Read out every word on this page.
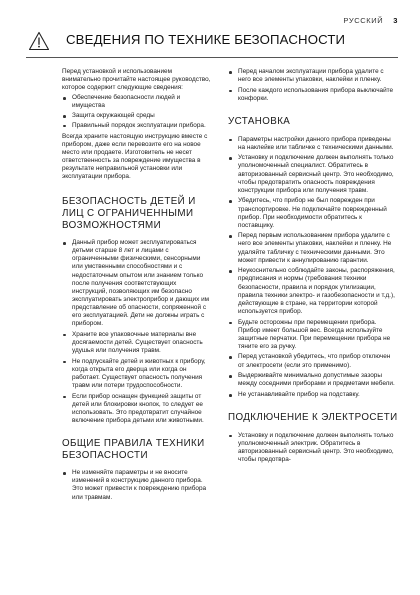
РУССКИЙ 3
СВЕДЕНИЯ ПО ТЕХНИКЕ БЕЗОПАСНОСТИ

Перед установкой и использованием внимательно прочитайте настоящее руководство, которое содержит следующие сведения:

Обеспечение безопасности людей и имущества
Защита окружающей среды
Правильный порядок эксплуатации прибора.

Всегда храните настоящую инструкцию вместе с прибором, даже если перевозите его на новое место или продаете. Изготовитель не несет ответственность за повреждение имущества в результате неправильной установки или эксплуатации прибора.

БЕЗОПАСНОСТЬ ДЕТЕЙ И ЛИЦ С ОГРАНИЧЕННЫМИ ВОЗМОЖНОСТЯМИ
Данный прибор может эксплуатироваться детьми старше 8 лет и лицами с ограниченными физическими, сенсорными или умственными способностями и с недостаточным опытом или знанием только после получения соответствующих инструкций, позволяющих им безопасно эксплуатировать электроприбор и дающих им представление об опасности, сопряженной с его эксплуатацией. Дети не должны играть с прибором.
Храните все упаковочные материалы вне досягаемости детей. Существует опасность удушья или получения травм.
Не подпускайте детей и животных к прибору, когда открыта его дверца или когда он работает. Существует опасность получения травм или потери трудоспособности.
Если прибор оснащен функцией защиты от детей или блокировки кнопок, то следует ее использовать. Это предотвратит случайное включение прибора детьми или животными.
ОБЩИЕ ПРАВИЛА ТЕХНИКИ БЕЗОПАСНОСТИ
Не изменяйте параметры и не вносите изменений в конструкцию данного прибора. Это может привести к повреждению прибора или травмам.
Перед началом эксплуатации прибора удалите с него все элементы упаковки, наклейки и пленку.
После каждого использования прибора выключайте конфорки.
УСТАНОВКА
Параметры настройки данного прибора приведены на наклейке или табличке с техническими данными.
Установку и подключение должен выполнять только уполномоченный специалист. Обратитесь в авторизованный сервисный центр. Это необходимо, чтобы предотвратить опасность повреждения конструкции прибора или получения травм.
Убедитесь, что прибор не был поврежден при транспортировке. Не подключайте поврежденный прибор. При необходимости обратитесь к поставщику.
Перед первым использованием прибора удалите с него все элементы упаковки, наклейки и пленку. Не удаляйте табличку с техническими данными. Это может привести к аннулированию гарантии.
Неукоснительно соблюдайте законы, распоряжения, предписания и нормы (требования техники безопасности, правила и порядок утилизации, правила техники электро- и газобезопасности и т.д.), действующие в стране, на территории которой используется прибор.
Будьте осторожны при перемещении прибора. Прибор имеет большой вес. Всегда используйте защитные перчатки. При перемещении прибора не тяните его за ручку.
Перед установкой убедитесь, что прибор отключен от электросети (если это применимо).
Выдерживайте минимально допустимые зазоры между соседними приборами и предметами мебели.
Не устанавливайте прибор на подставку.
ПОДКЛЮЧЕНИЕ К ЭЛЕКТРОСЕТИ
Установку и подключение должен выполнять только уполномоченный электрик. Обратитесь в авторизованный сервисный центр. Это необходимо, чтобы предотвра-
